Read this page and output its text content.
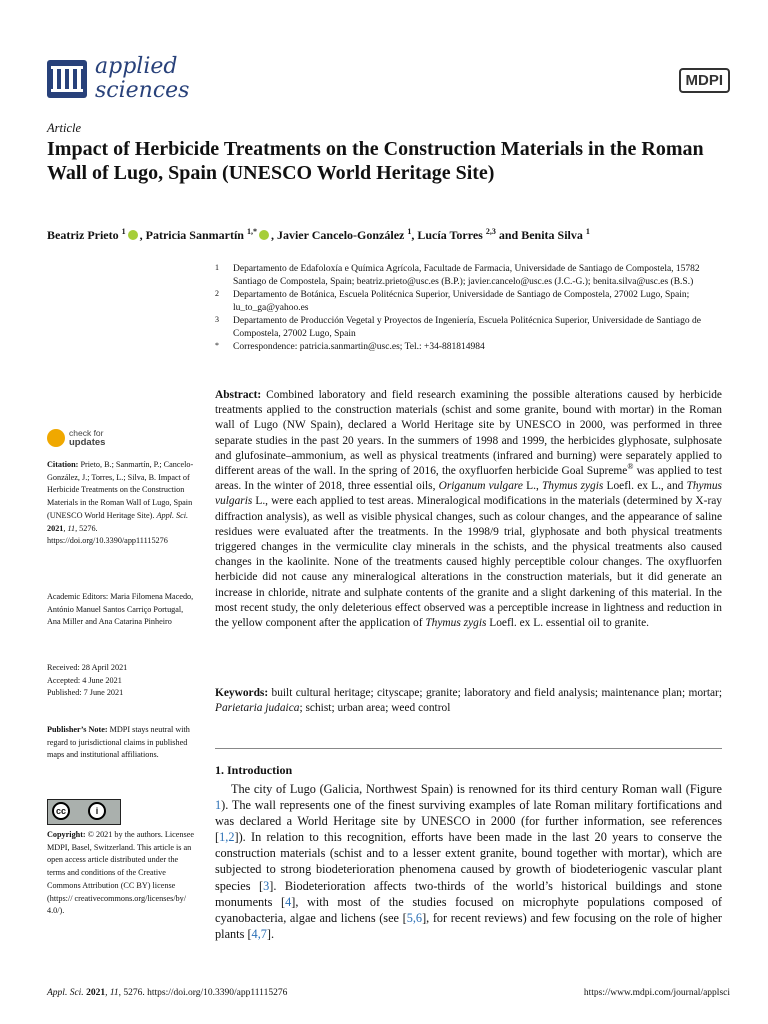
applied
sciences	MDPI
Article
Impact of Herbicide Treatments on the Construction Materials in the Roman Wall of Lugo, Spain (UNESCO World Heritage Site)
Beatriz Prieto $^1$ , Patricia Sanmartín $^{1,*}$ , Javier Cancelo-González $^1$, Lucía Torres $^{2,3}$ and Benita Silva $^1$
1 Departamento de Edafoloxía e Química Agrícola, Facultade de Farmacia, Universidade de Santiago de Compostela, 15782 Santiago de Compostela, Spain; beatriz.prieto@usc.es (B.P.); javier.cancelo@usc.es (J.C.-G.); benita.silva@usc.es (B.S.)
2 Departamento de Botánica, Escuela Politécnica Superior, Universidade de Santiago de Compostela, 27002 Lugo, Spain; lu_to_ga@yahoo.es
3 Departamento de Producción Vegetal y Proyectos de Ingeniería, Escuela Politécnica Superior, Universidade de Santiago de Compostela, 27002 Lugo, Spain
* Correspondence: patricia.sanmartin@usc.es; Tel.: +34-881814984
Abstract: Combined laboratory and field research examining the possible alterations caused by herbicide treatments applied to the construction materials (schist and some granite, bound with mortar) in the Roman wall of Lugo (NW Spain), declared a World Heritage site by UNESCO in 2000, was performed in three separate studies in the past 20 years. In the summers of 1998 and 1999, the herbicides glyphosate, sulphosate and glufosinate–ammonium, as well as physical treatments (infrared and burning) were separately applied to different areas of the wall. In the spring of 2016, the oxyfluorfen herbicide Goal Supreme® was applied to test areas. In the winter of 2018, three essential oils, Origanum vulgare L., Thymus zygis Loefl. ex L., and Thymus vulgaris L., were each applied to test areas. Mineralogical modifications in the materials (determined by X-ray diffraction analysis), as well as visible physical changes, such as colour changes, and the appearance of saline residues were evaluated after the treatments. In the 1998/9 trial, glyphosate and both physical treatments triggered changes in the vermiculite clay minerals in the schists, and the physical treatments also caused changes in the kaolinite. None of the treatments caused highly perceptible colour changes. The oxyfluorfen herbicide did not cause any mineralogical alterations in the construction materials, but it did generate an increase in chloride, nitrate and sulphate contents of the granite and a slight darkening of this material. In the most recent study, the only deleterious effect observed was a perceptible increase in lightness and reduction in the yellow component after the application of Thymus zygis Loefl. ex L. essential oil to granite.
Keywords: built cultural heritage; cityscape; granite; laboratory and field analysis; maintenance plan; mortar; Parietaria judaica; schist; urban area; weed control
1. Introduction
The city of Lugo (Galicia, Northwest Spain) is renowned for its third century Roman wall (Figure 1). The wall represents one of the finest surviving examples of late Roman military fortifications and was declared a World Heritage site by UNESCO in 2000 (for further information, see references [1,2]). In relation to this recognition, efforts have been made in the last 20 years to conserve the construction materials (schist and to a lesser extent granite, bound together with mortar), which are subjected to strong biodeterioration phenomena caused by growth of biodeteriogenic vascular plant species [3]. Biodeterioration affects two-thirds of the world’s historical buildings and stone monuments [4], with most of the studies focused on microphyte populations composed of cyanobacteria, algae and lichens (see [5,6], for recent reviews) and few focusing on the role of higher plants [4,7].
check for
updates
Citation: Prieto, B.; Sanmartín, P.; Cancelo-González, J.; Torres, L.; Silva, B. Impact of Herbicide Treatments on the Construction Materials in the Roman Wall of Lugo, Spain (UNESCO World Heritage Site). Appl. Sci. 2021, 11, 5276. https://doi.org/10.3390/app11115276
Academic Editors: Maria Filomena Macedo, António Manuel Santos Carriço Portugal, Ana Miller and Ana Catarina Pinheiro
Received: 28 April 2021
Accepted: 4 June 2021
Published: 7 June 2021
Publisher’s Note: MDPI stays neutral with regard to jurisdictional claims in published maps and institutional affiliations.
cc	i
Copyright: © 2021 by the authors. Licensee MDPI, Basel, Switzerland. This article is an open access article distributed under the terms and conditions of the Creative Commons Attribution (CC BY) license (https:// creativecommons.org/licenses/by/ 4.0/).
Appl. Sci. 2021, 11, 5276. https://doi.org/10.3390/app11115276	https://www.mdpi.com/journal/applsci
